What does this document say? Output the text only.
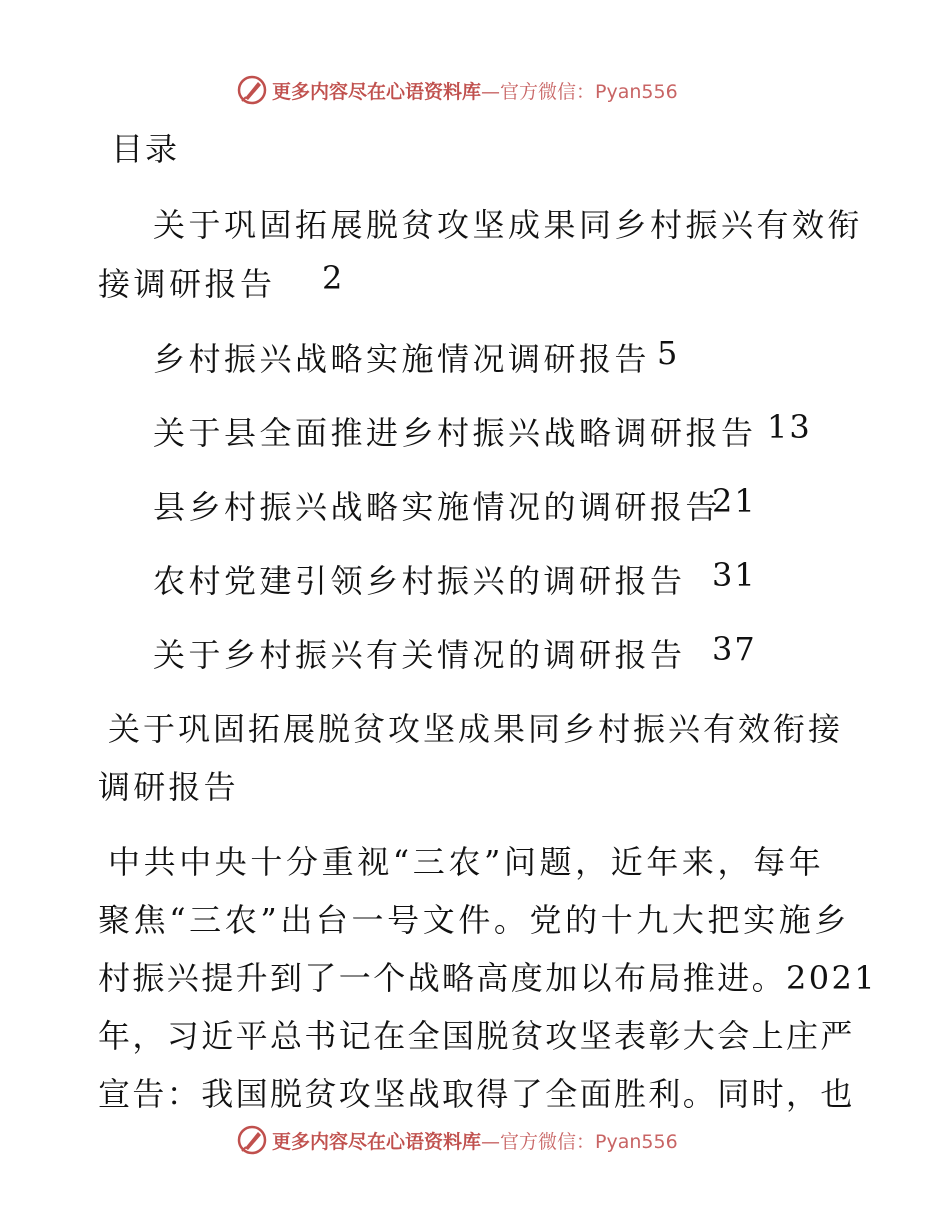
更多内容尽在心语资料库—官方微信：Pyan556
目录
关于巩固拓展脱贫攻坚成果同乡村振兴有效衔
接调研报告 2
乡村振兴战略实施情况调研报告 5
关于县全面推进乡村振兴战略调研报告 13
县乡村振兴战略实施情况的调研报告
21
农村党建引领乡村振兴的调研报告 31
关于乡村振兴有关情况的调研报告 37
关于巩固拓展脱贫攻坚成果同乡村振兴有效衔接
调研报告
中共中央十分重视“三农”问题，近年来，每年
聚焦“三农”出台一号文件。党的十九大把实施乡
村振兴提升到了一个战略高度加以布局推进。2021
年，习近平总书记在全国脱贫攻坚表彰大会上庄严
宣告：我国脱贫攻坚战取得了全面胜利。同时，也
更多内容尽在心语资料库—官方微信：Pyan556
